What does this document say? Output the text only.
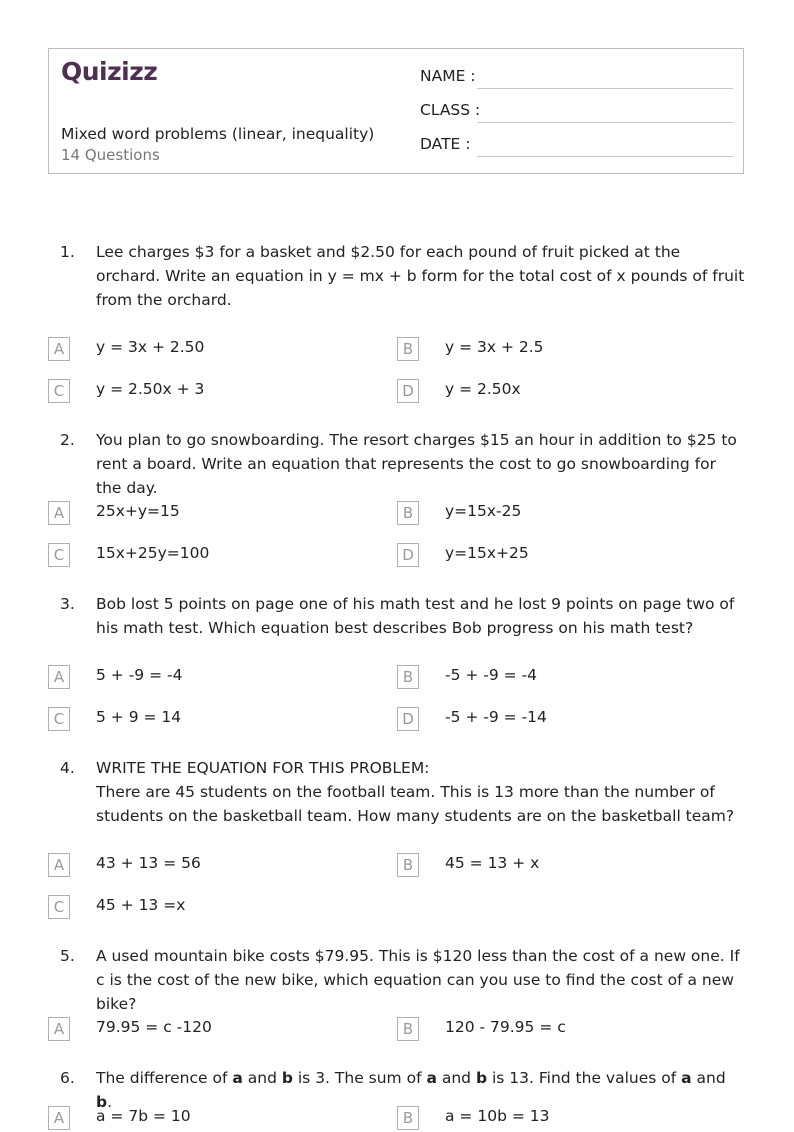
Quizizz
Mixed word problems (linear, inequality)
14 Questions
NAME :
CLASS :
DATE :
1.	Lee charges $3 for a basket and $2.50 for each pound of fruit picked at the orchard. Write an equation in y = mx + b form for the total cost of x pounds of fruit from the orchard.
A	y = 3x + 2.50	B	y = 3x + 2.5
C	y = 2.50x + 3	D	y = 2.50x
2.	You plan to go snowboarding. The resort charges $15 an hour in addition to $25 to rent a board. Write an equation that represents the cost to go snowboarding for the day.
A	25x+y=15	B	y=15x-25
C	15x+25y=100	D	y=15x+25
3.	Bob lost 5 points on page one of his math test and he lost 9 points on page two of his math test. Which equation best describes Bob progress on his math test?
A	5 + -9 = -4	B	-5 + -9 = -4
C	5 + 9 = 14	D	-5 + -9 = -14
4.	WRITE THE EQUATION FOR THIS PROBLEM:
There are 45 students on the football team. This is 13 more than the number of students on the basketball team. How many students are on the basketball team?
A	43 + 13 = 56	B	45 = 13 + x
C	45 + 13 =x
5.	A used mountain bike costs $79.95. This is $120 less than the cost of a new one. If c is the cost of the new bike, which equation can you use to find the cost of a new bike?
A	79.95 = c -120	B	120 - 79.95 = c
6.	The difference of a and b is 3. The sum of a and b is 13. Find the values of a and b.
A	a = 7b = 10	B	a = 10b = 13
